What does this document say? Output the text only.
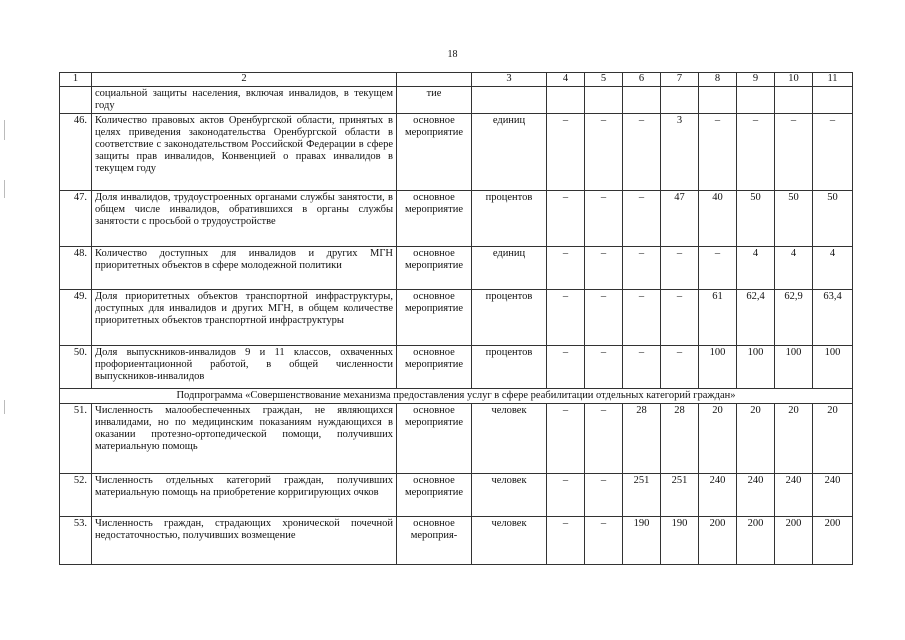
18
1	2		3	4	5	6	7	8	9	10	11
	социальной защиты населения, включая инвалидов, в текущем году	тие									
46.	Количество правовых актов Оренбургской области, принятых в целях приведения законодательства Оренбургской области в соответствие с законодательством Российской Федерации в сфере защиты прав инвалидов, Конвенцией о правах инвалидов в текущем году	основное мероприятие	единиц	–	–	–	3	–	–	–	–
47.	Доля инвалидов, трудоустроенных органами службы занятости, в общем числе инвалидов, обратившихся в органы службы занятости с просьбой о трудоустройстве	основное мероприятие	процентов	–	–	–	47	40	50	50	50
48.	Количество доступных для инвалидов и других МГН приоритетных объектов в сфере молодежной политики	основное мероприятие	единиц	–	–	–	–	–	4	4	4
49.	Доля приоритетных объектов транспортной инфраструктуры, доступных для инвалидов и других МГН, в общем количестве приоритетных объектов транспортной инфраструктуры	основное мероприятие	процентов	–	–	–	–	61	62,4	62,9	63,4
50.	Доля выпускников-инвалидов 9 и 11 классов, охваченных профориентационной работой, в общей численности выпускников-инвалидов	основное мероприятие	процентов	–	–	–	–	100	100	100	100
Подпрограмма «Совершенствование механизма предоставления услуг в сфере реабилитации отдельных категорий граждан»											
51.	Численность малообеспеченных граждан, не являющихся инвалидами, но по медицинским показаниям нуждающихся в оказании протезно-ортопедической помощи, получивших материальную помощь	основное мероприятие	человек	–	–	28	28	20	20	20	20
52.	Численность отдельных категорий граждан, получивших материальную помощь на приобретение корригирующих очков	основное мероприятие	человек	–	–	251	251	240	240	240	240
53.	Численность граждан, страдающих хронической почечной недостаточностью, получивших возмещение	основное мероприя-	человек	–	–	190	190	200	200	200	200
